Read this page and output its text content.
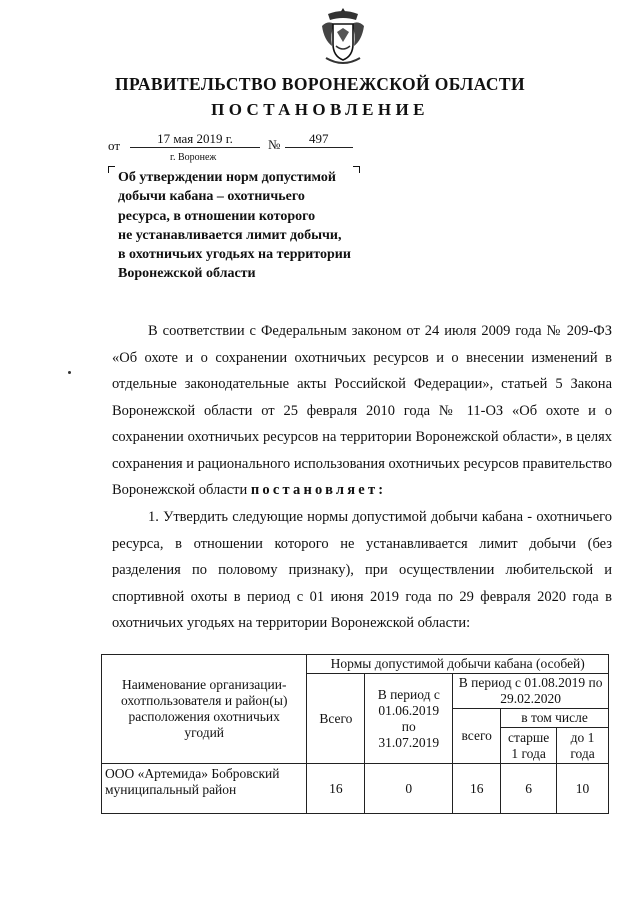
ПРАВИТЕЛЬСТВО ВОРОНЕЖСКОЙ ОБЛАСТИ
ПОСТАНОВЛЕНИЕ
от	17 мая 2019 г.	№	497
г. Воронеж
Об утверждении норм допустимой
добычи кабана – охотничьего
ресурса, в отношении которого
не устанавливается лимит добычи,
в охотничьих угодьях на территории
Воронежской области
В соответствии с Федеральным законом от 24 июля 2009 года № 209-ФЗ «Об охоте и о сохранении охотничьих ресурсов и о внесении изменений в отдельные законодательные акты Российской Федерации», статьей 5 Закона Воронежской области от 25 февраля 2010 года № 11-ОЗ «Об охоте и о сохранении охотничьих ресурсов на территории Воронежской области», в целях сохранения и рационального использования охотничьих ресурсов правительство Воронежской области постановляет:
1. Утвердить следующие нормы допустимой добычи кабана - охотничьего ресурса, в отношении которого не устанавливается лимит добычи (без разделения по половому признаку), при осуществлении любительской и спортивной охоты в период с 01 июня 2019 года по 29 февраля 2020 года в охотничьих угодьях на территории Воронежской области:
Наименование организации-охотпользователя и район(ы) расположения охотничьих угодий	Нормы допустимой добычи кабана (особей)				
	Всего	В период с 01.06.2019 по 31.07.2019	В период с 01.08.2019 по 29.02.2020		
			всего	в том числе	
				старше 1 года	до 1 года
ООО «Артемида» Бобровский муниципальный район	16	0	16	6	10
